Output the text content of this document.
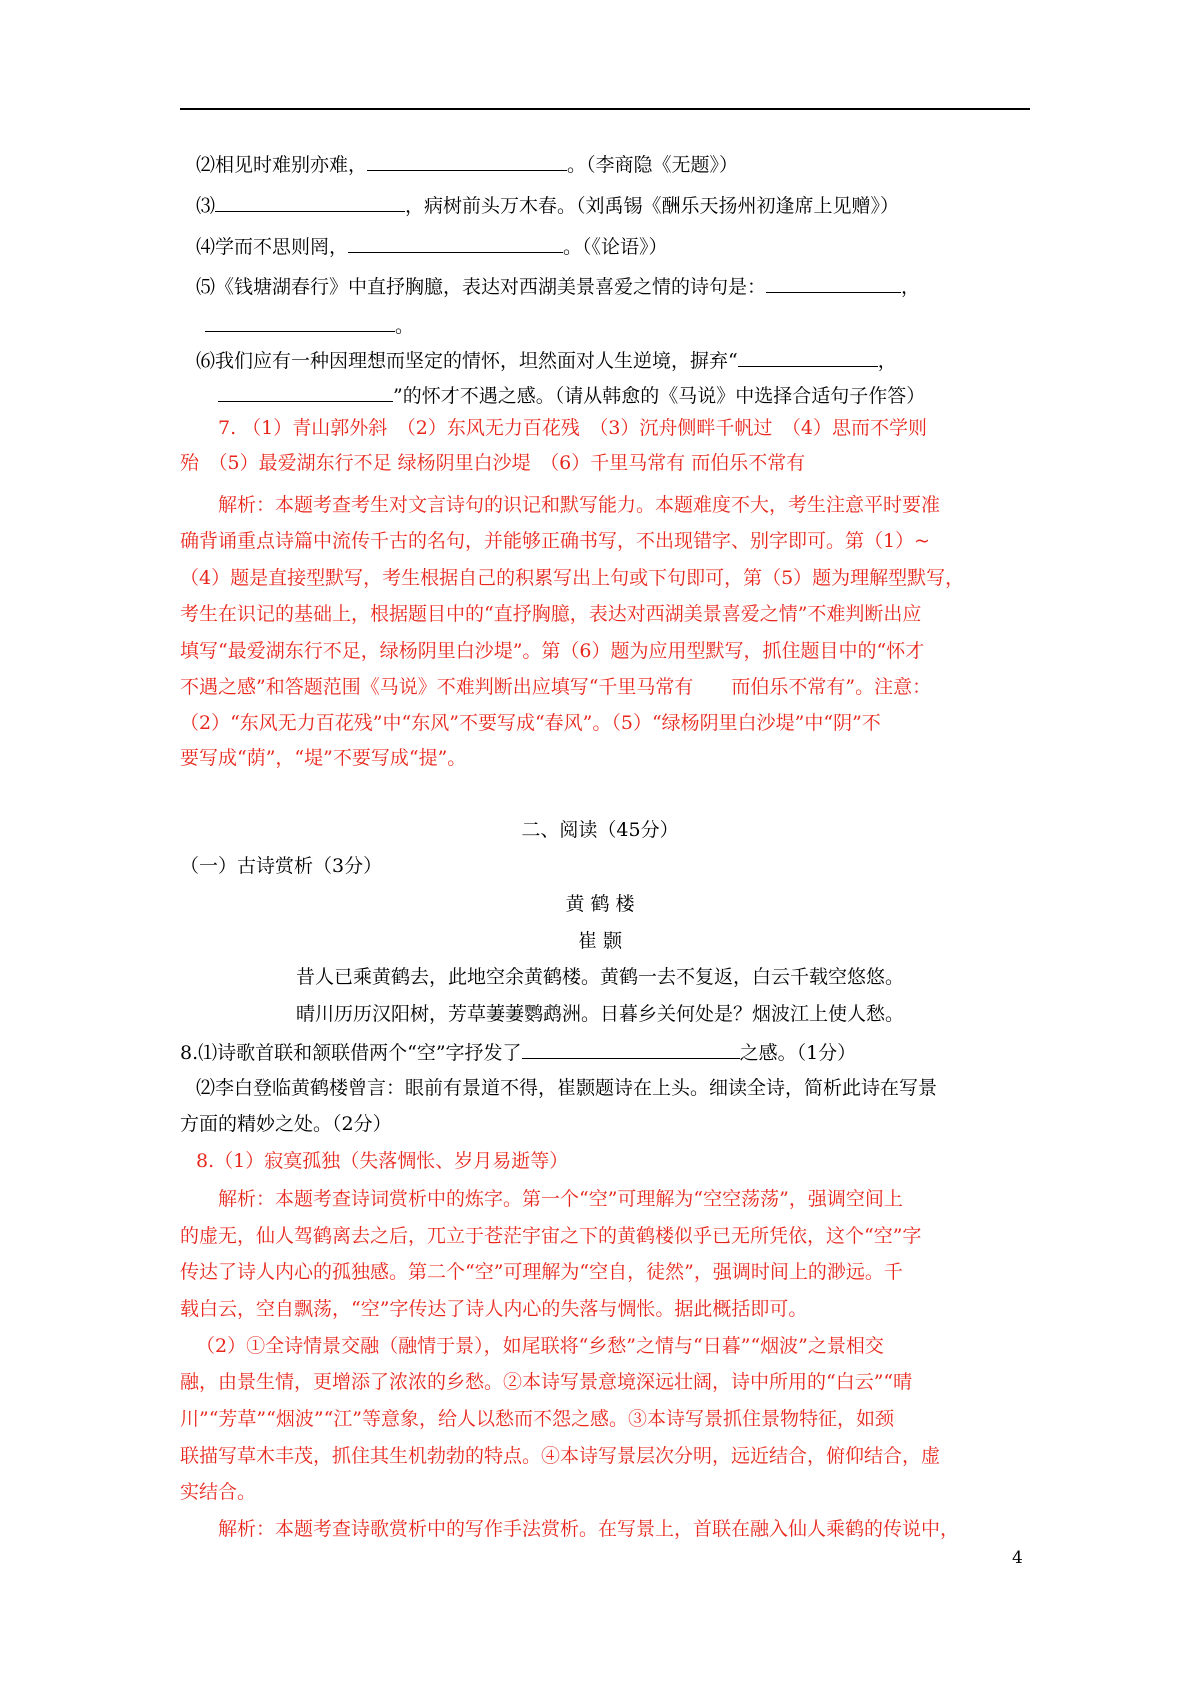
⑵相见时难别亦难，	。（李商隐《无题》）
⑶	，病树前头万木春。（刘禹锡《酬乐天扬州初逢席上见赠》）
⑷学而不思则罔，	。（《论语》）
⑸《钱塘湖春行》中直抒胸臆，表达对西湖美景喜爱之情的诗句是：	，
。
⑹我们应有一种因理想而坚定的情怀，坦然面对人生逆境，摒弃“	，
”的怀才不遇之感。（请从韩愈的《马说》中选择合适句子作答）
7. （1）青山郭外斜　（2）东风无力百花残　（3）沉舟侧畔千帆过　（4）思而不学则
殆　（5）最爱湖东行不足 绿杨阴里白沙堤　（6）千里马常有 而伯乐不常有
解析：本题考查考生对文言诗句的识记和默写能力。本题难度不大，考生注意平时要准
确背诵重点诗篇中流传千古的名句，并能够正确书写，不出现错字、别字即可。第（1）~
（4）题是直接型默写，考生根据自己的积累写出上句或下句即可，第（5）题为理解型默写，
考生在识记的基础上，根据题目中的“直抒胸臆，表达对西湖美景喜爱之情”不难判断出应
填写“最爱湖东行不足，绿杨阴里白沙堤”。第（6）题为应用型默写，抓住题目中的“怀才
不遇之感”和答题范围《马说》不难判断出应填写“千里马常有　　而伯乐不常有”。注意：
（2）“东风无力百花残”中“东风”不要写成“春风”。（5）“绿杨阴里白沙堤”中“阴”不
要写成“荫”，“堤”不要写成“提”。
二、阅读（45分）
（一）古诗赏析（3分）
黄 鹤 楼
崔 颢
昔人已乘黄鹤去，此地空余黄鹤楼。黄鹤一去不复返，白云千载空悠悠。
晴川历历汉阳树，芳草萋萋鹦鹉洲。日暮乡关何处是？烟波江上使人愁。
8.⑴诗歌首联和颔联借两个“空”字抒发了	之感。（1分）
⑵李白登临黄鹤楼曾言：眼前有景道不得，崔颢题诗在上头。细读全诗，简析此诗在写景
方面的精妙之处。（2分）
8.（1）寂寞孤独（失落惆怅、岁月易逝等）
解析：本题考查诗词赏析中的炼字。第一个“空”可理解为“空空荡荡”，强调空间上
的虚无，仙人驾鹤离去之后，兀立于苍茫宇宙之下的黄鹤楼似乎已无所凭依，这个“空”字
传达了诗人内心的孤独感。第二个“空”可理解为“空自，徒然”，强调时间上的渺远。千
载白云，空自飘荡，“空”字传达了诗人内心的失落与惆怅。据此概括即可。
（2）①全诗情景交融（融情于景），如尾联将“乡愁”之情与“日暮”“烟波”之景相交
融，由景生情，更增添了浓浓的乡愁。②本诗写景意境深远壮阔，诗中所用的“白云”“晴
川”“芳草”“烟波”“江”等意象，给人以愁而不怨之感。③本诗写景抓住景物特征，如颈
联描写草木丰茂，抓住其生机勃勃的特点。④本诗写景层次分明，远近结合，俯仰结合，虚
实结合。
解析：本题考查诗歌赏析中的写作手法赏析。在写景上，首联在融入仙人乘鹤的传说中，
4
